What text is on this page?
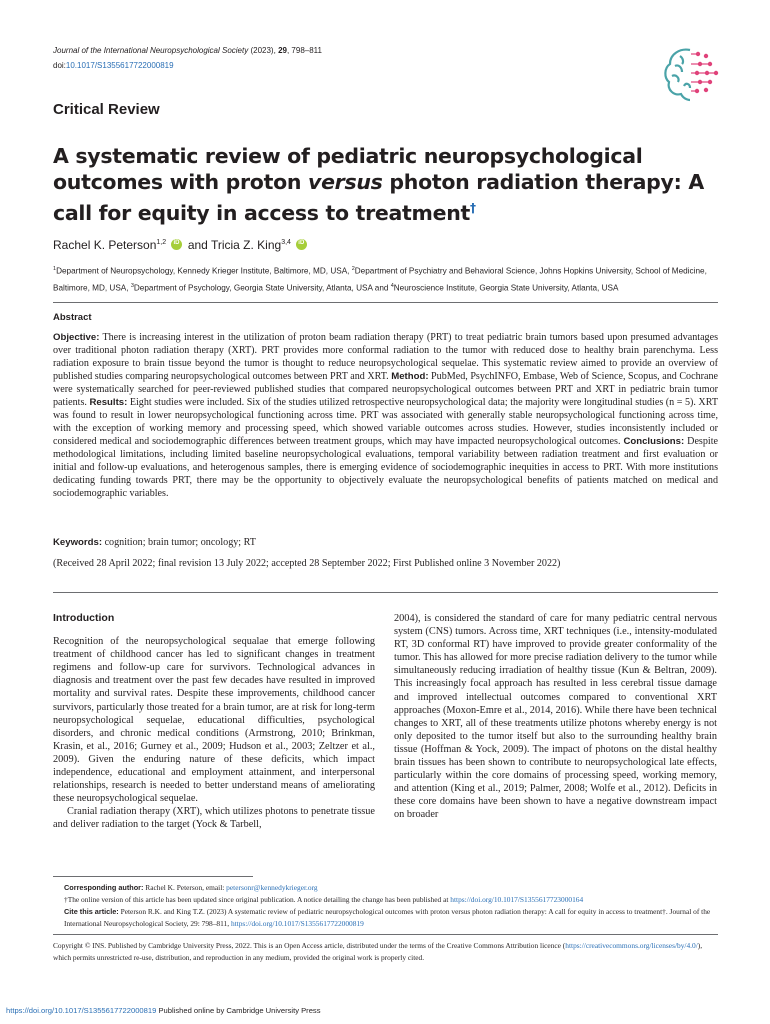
Journal of the International Neuropsychological Society (2023), 29, 798–811
doi:10.1017/S1355617722000819
Critical Review
A systematic review of pediatric neuropsychological outcomes with proton versus photon radiation therapy: A call for equity in access to treatment†
Rachel K. Peterson$^{1,2}$ iD and Tricia Z. King$^{3,4}$ iD
$^1$Department of Neuropsychology, Kennedy Krieger Institute, Baltimore, MD, USA, $^2$Department of Psychiatry and Behavioral Science, Johns Hopkins University, School of Medicine, Baltimore, MD, USA, $^3$Department of Psychology, Georgia State University, Atlanta, USA and $^4$Neuroscience Institute, Georgia State University, Atlanta, USA
Abstract
Objective: There is increasing interest in the utilization of proton beam radiation therapy (PRT) to treat pediatric brain tumors based upon presumed advantages over traditional photon radiation therapy (XRT). PRT provides more conformal radiation to the tumor with reduced dose to healthy brain parenchyma. Less radiation exposure to brain tissue beyond the tumor is thought to reduce neuropsychological sequelae. This systematic review aimed to provide an overview of published studies comparing neuropsychological outcomes between PRT and XRT. Method: PubMed, PsychINFO, Embase, Web of Science, Scopus, and Cochrane were systematically searched for peer-reviewed published studies that compared neuropsychological outcomes between PRT and XRT in pediatric brain tumor patients. Results: Eight studies were included. Six of the studies utilized retrospective neuropsychological data; the majority were longitudinal studies (n = 5). XRT was found to result in lower neuropsychological functioning across time. PRT was associated with generally stable neuropsychological functioning across time, with the exception of working memory and processing speed, which showed variable outcomes across studies. However, studies inconsistently included or considered medical and sociodemographic differences between treatment groups, which may have impacted neuropsychological outcomes. Conclusions: Despite methodological limitations, including limited baseline neuropsychological evaluations, temporal variability between radiation treatment and first evaluation or initial and follow-up evaluations, and heterogenous samples, there is emerging evidence of sociodemographic inequities in access to PRT. With more institutions dedicating funding towards PRT, there may be the opportunity to objectively evaluate the neuropsychological benefits of patients matched on medical and sociodemographic variables.
Keywords: cognition; brain tumor; oncology; RT
(Received 28 April 2022; final revision 13 July 2022; accepted 28 September 2022; First Published online 3 November 2022)
Introduction

Recognition of the neuropsychological sequalae that emerge following treatment of childhood cancer has led to significant changes in treatment regimens and follow-up care for survivors. Technological advances in diagnosis and treatment over the past few decades have resulted in improved mortality and survival rates. Despite these improvements, childhood cancer survivors, particularly those treated for a brain tumor, are at risk for long-term neuropsychological sequelae, educational difficulties, psychological disorders, and chronic medical conditions (Armstrong, 2010; Brinkman, Krasin, et al., 2016; Gurney et al., 2009; Hudson et al., 2003; Zeltzer et al., 2009). Given the enduring nature of these deficits, which impact independence, educational and employment attainment, and interpersonal relationships, research is needed to better understand means of ameliorating these neuropsychological sequelae.

Cranial radiation therapy (XRT), which utilizes photons to penetrate tissue and deliver radiation to the target (Yock & Tarbell,

2004), is considered the standard of care for many pediatric central nervous system (CNS) tumors. Across time, XRT techniques (i.e., intensity-modulated RT, 3D conformal RT) have improved to provide greater conformality of the tumor. This has allowed for more precise radiation delivery to the tumor while simultaneously reducing irradiation of healthy tissue (Kun & Beltran, 2009). This increasingly focal approach has resulted in less cerebral tissue damage and improved intellectual outcomes compared to conventional XRT approaches (Moxon-Emre et al., 2014, 2016). While there have been technical changes to XRT, all of these treatments utilize photons whereby energy is not only deposited to the tumor itself but also to the surrounding healthy brain tissue (Hoffman & Yock, 2009). The impact of photons on the distal healthy brain tissues has been shown to contribute to neuropsychological late effects, particularly within the core domains of processing speed, working memory, and attention (King et al., 2019; Palmer, 2008; Wolfe et al., 2012). Deficits in these core domains have been shown to have a negative downstream impact on broader

Corresponding author: Rachel K. Peterson, email: petersonr@kennedykrieger.org
†The online version of this article has been updated since original publication. A notice detailing the change has been published at https://doi.org/10.1017/S1355617723000164
Cite this article: Peterson R.K. and King T.Z. (2023) A systematic review of pediatric neuropsychological outcomes with proton versus photon radiation therapy: A call for equity in access to treatment†. Journal of the International Neuropsychological Society, 29: 798–811, https://doi.org/10.1017/S1355617722000819
Copyright © INS. Published by Cambridge University Press, 2022. This is an Open Access article, distributed under the terms of the Creative Commons Attribution licence (https://creativecommons.org/licenses/by/4.0/), which permits unrestricted re-use, distribution, and reproduction in any medium, provided the original work is properly cited.
https://doi.org/10.1017/S1355617722000819 Published online by Cambridge University Press
